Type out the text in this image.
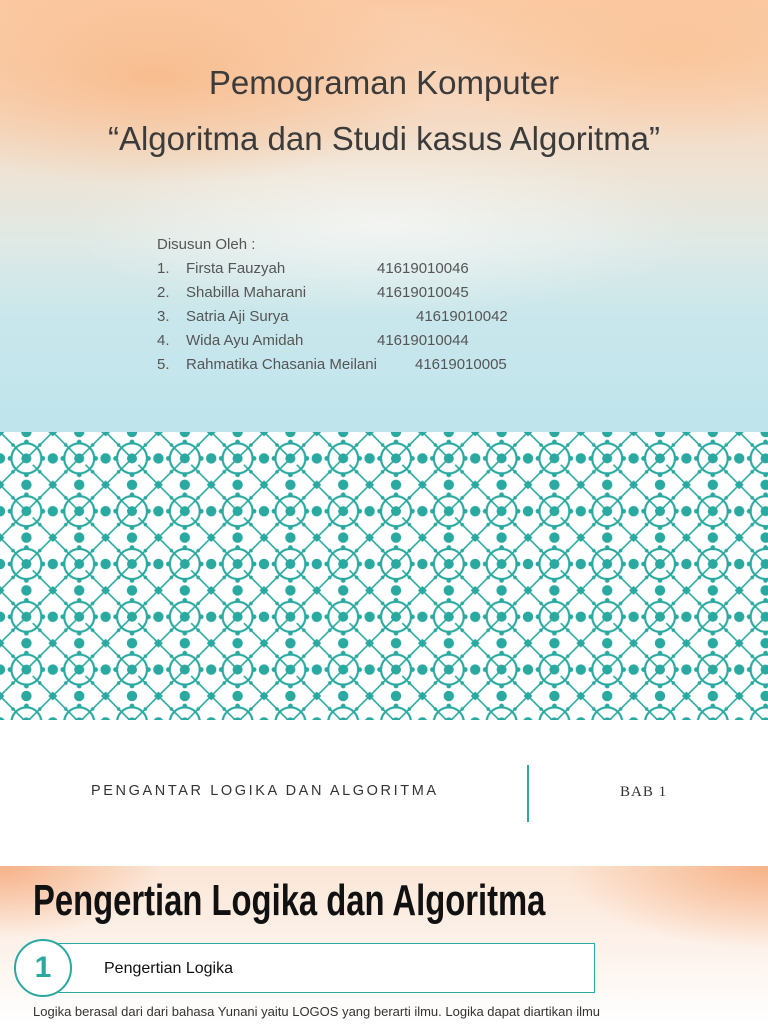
Pemograman Komputer
“Algoritma dan Studi kasus Algoritma”
Disusun Oleh :
1. Firsta Fauzyah	41619010046
2. Shabilla Maharani	41619010045
3. Satria Aji Surya	41619010042
4. Wida Ayu Amidah	41619010044
5. Rahmatika Chasania Meilani	41619010005
PENGANTAR LOGIKA DAN ALGORITMA	BAB 1
Pengertian Logika dan Algoritma
1	Pengertian Logika

Logika berasal dari dari bahasa Yunani yaitu LOGOS yang berarti ilmu. Logika dapat diartikan ilmu
